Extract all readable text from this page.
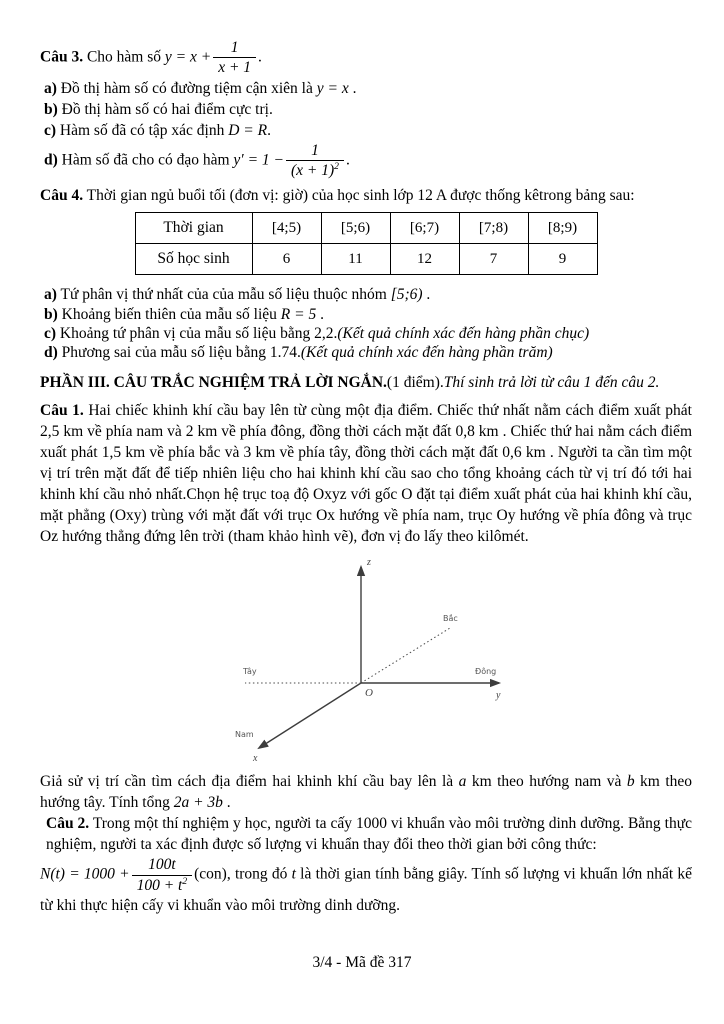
Câu 3. Cho hàm số $y = x + \frac{1}{x + 1}$ .
a) Đồ thị hàm số có đường tiệm cận xiên là y = x .
b) Đồ thị hàm số có hai điểm cực trị.
c) Hàm số đã có tập xác định D = R.
d) Hàm số đã cho có đạo hàm $y' = 1 - \frac{1}{(x + 1)^2}$ .
Câu 4. Thời gian ngủ buổi tối (đơn vị: giờ) của học sinh lớp 12 A được thống kêtrong bảng sau:
Thời gian	[4;5)	[5;6)	[6;7)	[7;8)	[8;9)
Số học sinh	6	11	12	7	9
a) Tứ phân vị thứ nhất của của mẫu số liệu thuộc nhóm [5;6) .
b) Khoảng biến thiên của mẫu số liệu R = 5 .
c) Khoảng tứ phân vị của mẫu số liệu bằng 2,2.(Kết quả chính xác đến hàng phần chục)
d) Phương sai của mẫu số liệu bằng 1.74.(Kết quả chính xác đến hàng phần trăm)
PHẦN III. CÂU TRẮC NGHIỆM TRẢ LỜI NGẮN.(1 điểm).Thí sinh trả lời từ câu 1 đến câu 2.

Câu 1. Hai chiếc khinh khí cầu bay lên từ cùng một địa điểm. Chiếc thứ nhất nằm cách điểm xuất phát 2,5 km về phía nam và 2 km về phía đông, đồng thời cách mặt đất 0,8 km . Chiếc thứ hai nằm cách điểm xuất phát 1,5 km về phía bắc và 3 km về phía tây, đồng thời cách mặt đất 0,6 km . Người ta cần tìm một vị trí trên mặt đất để tiếp nhiên liệu cho hai khinh khí cầu sao cho tổng khoảng cách từ vị trí đó tới hai khinh khí cầu nhỏ nhất.Chọn hệ trục toạ độ Oxyz với gốc O đặt tại điểm xuất phát của hai khinh khí cầu, mặt phẳng (Oxy) trùng với mặt đất với trục Ox hướng về phía nam, trục Oy hướng về phía đông và trục Oz hướng thẳng đứng lên trời (tham khảo hình vẽ), đơn vị đo lấy theo kilômét.

z
y
x
O
Bắc
Nam
Đông
Tây

Giả sử vị trí cần tìm cách địa điểm hai khinh khí cầu bay lên là a km theo hướng nam và b km theo hướng tây. Tính tổng 2a + 3b .

Câu 2. Trong một thí nghiệm y học, người ta cấy 1000 vi khuẩn vào môi trường dinh dưỡng. Bằng thực nghiệm, người ta xác định được số lượng vi khuẩn thay đổi theo thời gian bởi công thức:

$N(t) = 1000 + \frac{100t}{100 + t^2} (con)$, trong đó t là thời gian tính bằng giây. Tính số lượng vi khuẩn lớn nhất kể từ khi thực hiện cấy vi khuẩn vào môi trường dinh dưỡng.

3/4 - Mã đề 317
